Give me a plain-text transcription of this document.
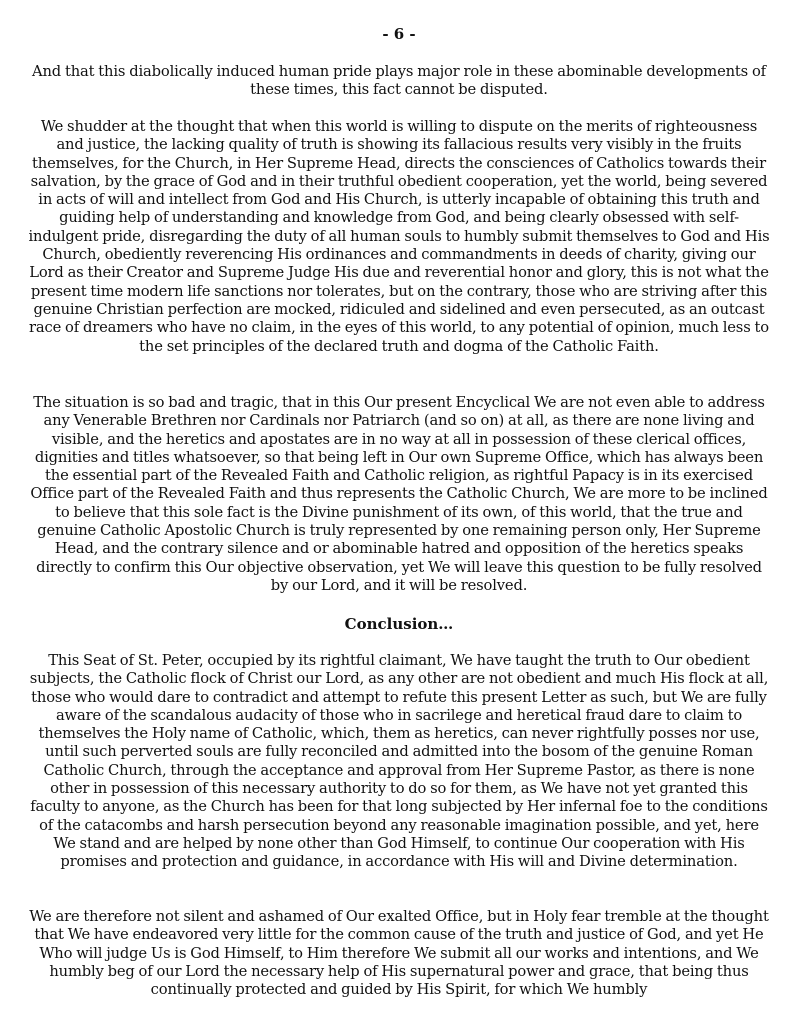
- 6 -

And that this diabolically induced human pride plays major role in these abominable developments of these times, this fact cannot be disputed.

We shudder at the thought that when this world is willing to dispute on the merits of righteousness and justice, the lacking quality of truth is showing its fallacious results very visibly in the fruits themselves, for the Church, in Her Supreme Head, directs the consciences of Catholics towards their salvation, by the grace of God and in their truthful obedient cooperation, yet the world, being severed in acts of will and intellect from God and His Church, is utterly incapable of obtaining this truth and guiding help of understanding and knowledge from God, and being clearly obsessed with self-indulgent pride, disregarding the duty of all human souls to humbly submit themselves to God and His Church, obediently reverencing His ordinances and commandments in deeds of charity, giving our Lord as their Creator and Supreme Judge His due and reverential honor and glory, this is not what the present time modern life sanctions nor tolerates, but on the contrary, those who are striving after this genuine Christian perfection are mocked, ridiculed and sidelined and even persecuted, as an outcast race of dreamers who have no claim, in the eyes of this world, to any potential of opinion, much less to the set principles of the declared truth and dogma of the Catholic Faith.

The situation is so bad and tragic, that in this Our present Encyclical We are not even able to address any Venerable Brethren nor Cardinals nor Patriarch (and so on) at all, as there are none living and visible, and the heretics and apostates are in no way at all in possession of these clerical offices, dignities and titles whatsoever, so that being left in Our own Supreme Office, which has always been the essential part of the Revealed Faith and Catholic religion, as rightful Papacy is in its exercised Office part of the Revealed Faith and thus represents the Catholic Church, We are more to be inclined to believe that this sole fact is the Divine punishment of its own, of this world, that the true and genuine Catholic Apostolic Church is truly represented by one remaining person only, Her Supreme Head, and the contrary silence and or abominable hatred and opposition of the heretics speaks directly to confirm this Our objective observation, yet We will leave this question to be fully resolved by our Lord, and it will be resolved.

Conclusion…

This Seat of St. Peter, occupied by its rightful claimant, We have taught the truth to Our obedient subjects, the Catholic flock of Christ our Lord, as any other are not obedient and much His flock at all, those who would dare to contradict and attempt to refute this present Letter as such, but We are fully aware of the scandalous audacity of those who in sacrilege and heretical fraud dare to claim to themselves the Holy name of Catholic, which, them as heretics, can never rightfully posses nor use, until such perverted souls are fully reconciled and admitted into the bosom of the genuine Roman Catholic Church, through the acceptance and approval from Her Supreme Pastor, as there is none other in possession of this necessary authority to do so for them, as We have not yet granted this faculty to anyone, as the Church has been for that long subjected by Her infernal foe to the conditions of the catacombs and harsh persecution beyond any reasonable imagination possible, and yet, here We stand and are helped by none other than God Himself, to continue Our cooperation with His promises and protection and guidance, in accordance with His will and Divine determination.

We are therefore not silent and ashamed of Our exalted Office, but in Holy fear tremble at the thought that We have endeavored very little for the common cause of the truth and justice of God, and yet He Who will judge Us is God Himself, to Him therefore We submit all our works and intentions, and We humbly beg of our Lord the necessary help of His supernatural power and grace, that being thus continually protected and guided by His Spirit, for which We humbly
